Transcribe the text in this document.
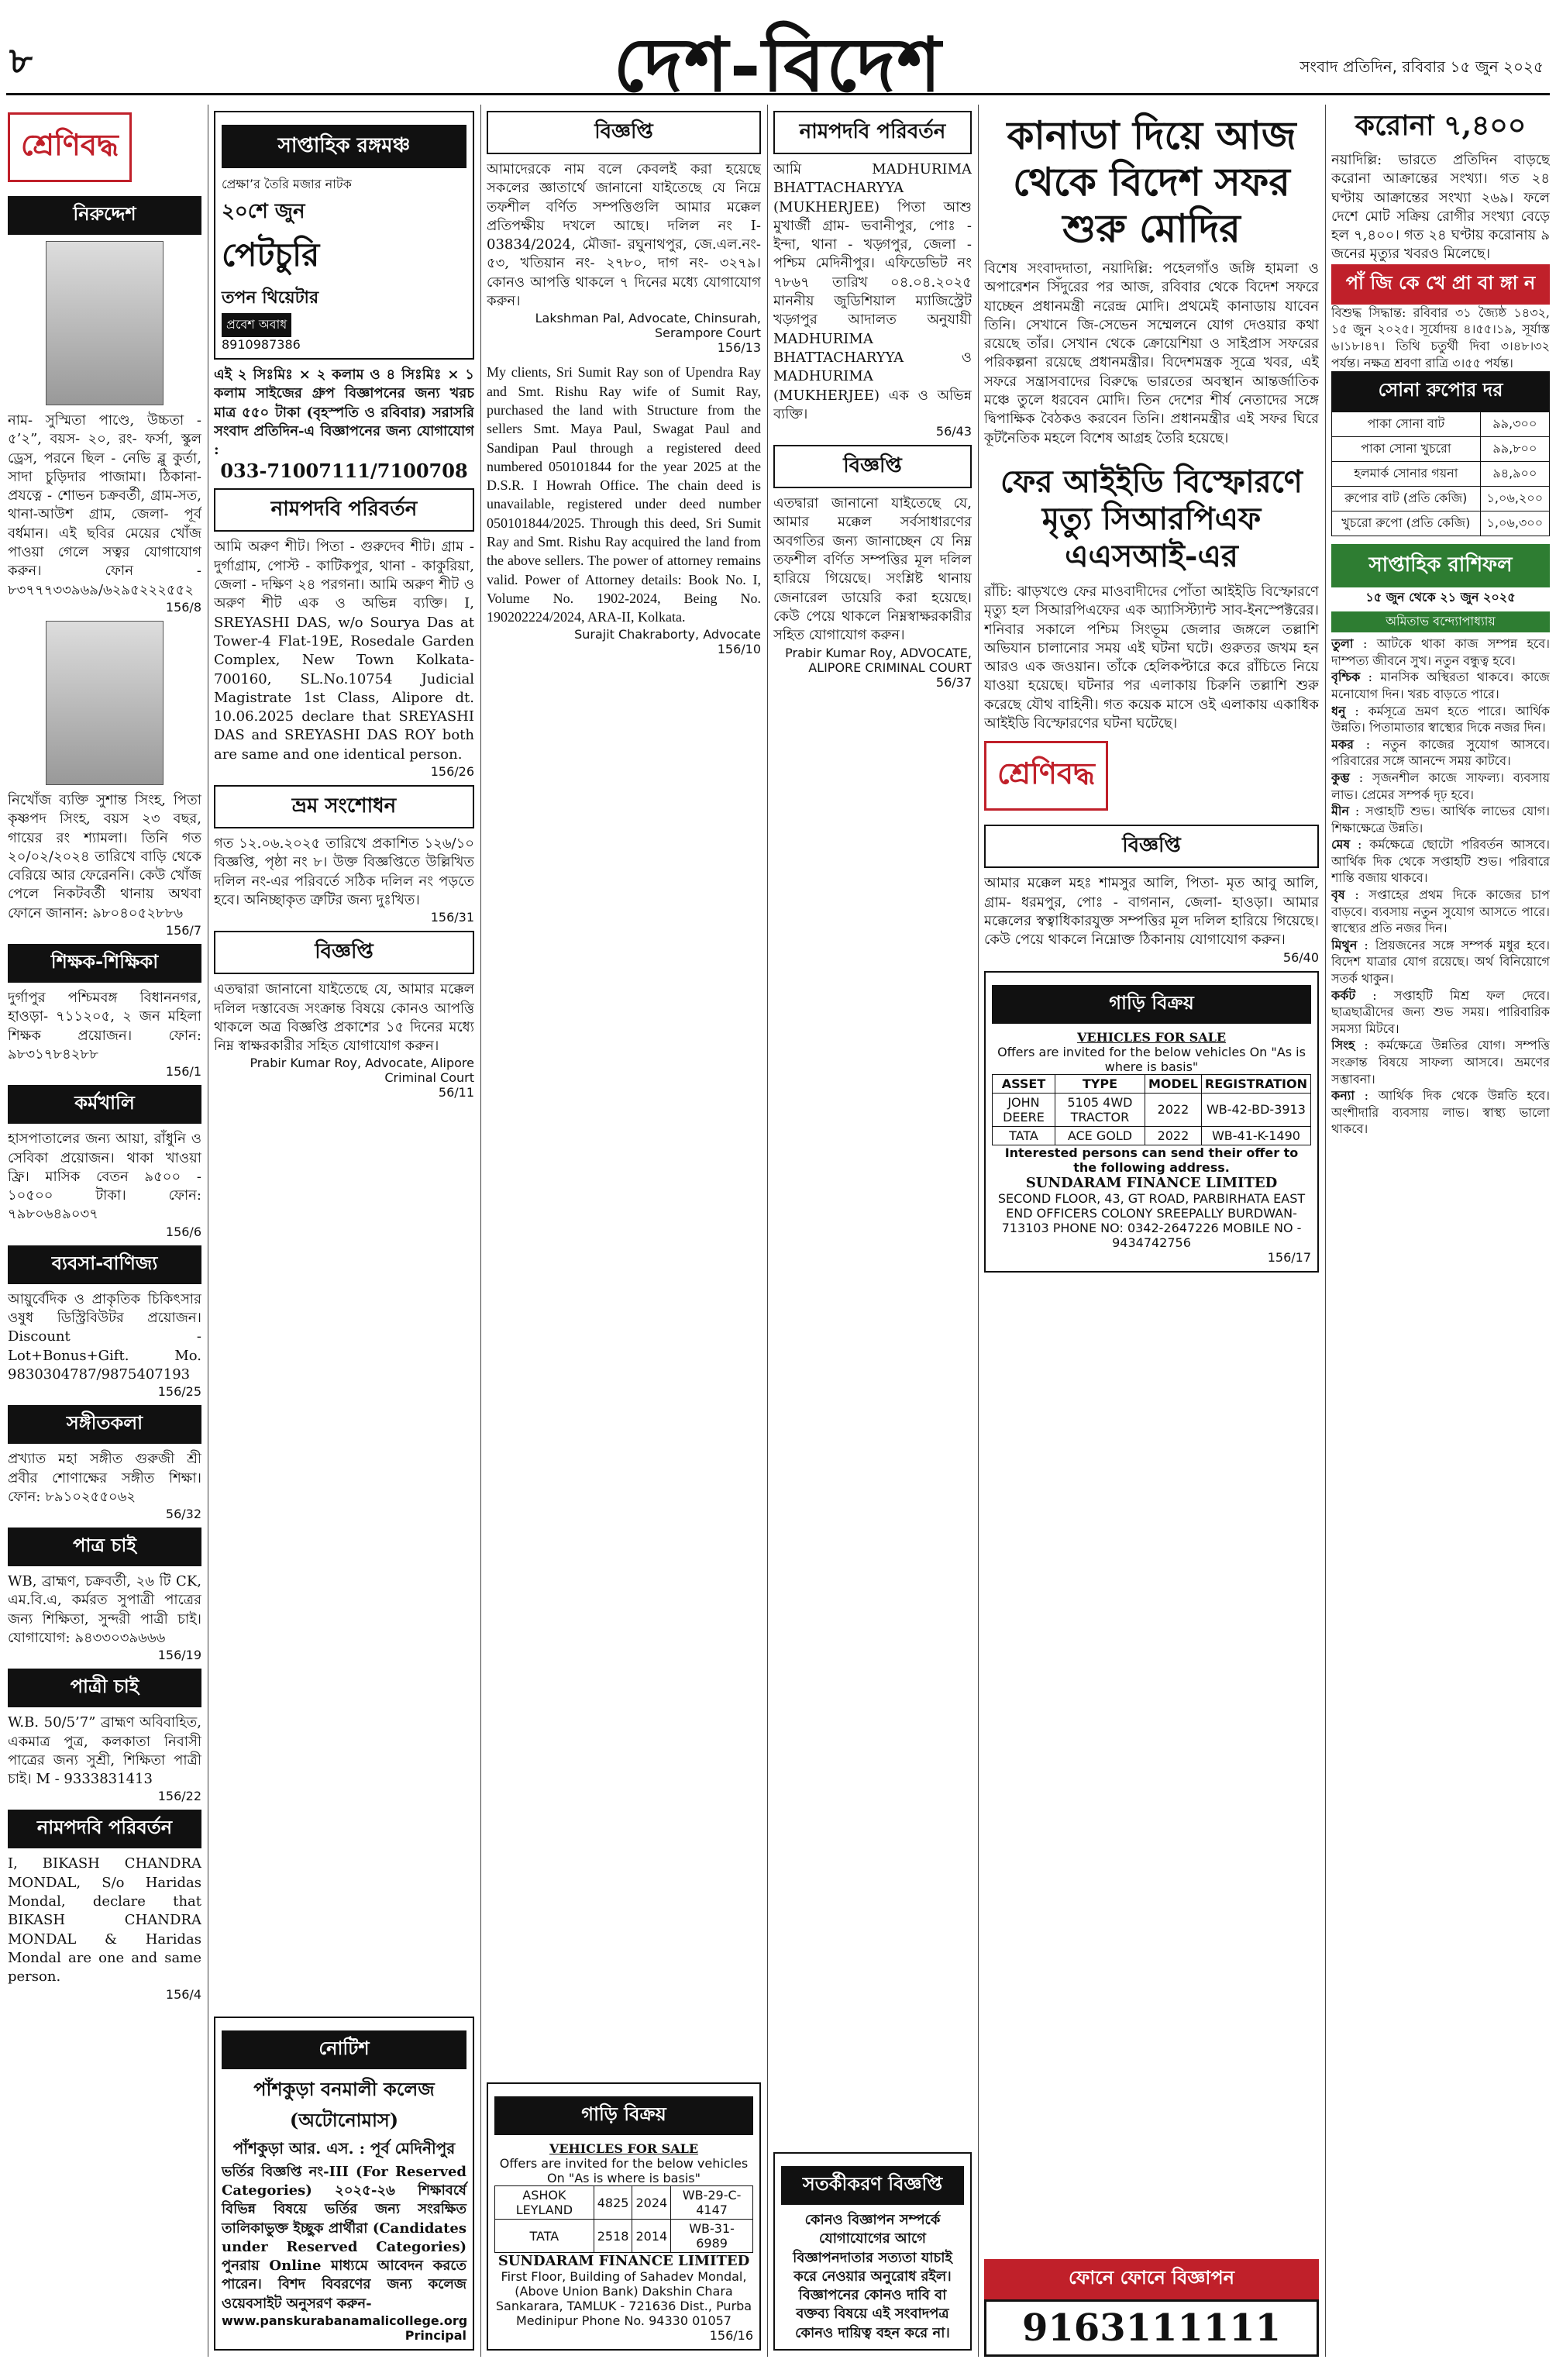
৮	দেশ-বিদেশ	সংবাদ প্রতিদিন, রবিবার ১৫ জুন ২০২৫
শ্রেণিবদ্ধ
নিরুদ্দেশ
নাম- সুস্মিতা পাণ্ডে, উচ্চতা - ৫’২”, বয়স- ২০, রং- ফর্সা, স্কুল ড্রেস, পরনে ছিল - নেভি ব্লু কুর্তা, সাদা চুড়িদার পাজামা। ঠিকানা- প্রযত্নে - শোভন চক্রবর্তী, গ্রাম-সত, থানা-আউশ গ্রাম, জেলা- পূর্ব বর্ধমান। এই ছবির মেয়ের খোঁজ পাওয়া গেলে সত্বর যোগাযোগ করুন। ফোন - ৮৩৭৭৭৩৩৯৬৯/৬২৯৫২২২৫৫২
156/8
নিখোঁজ ব্যক্তি সুশান্ত সিংহ, পিতা কৃষ্ণপদ সিংহ, বয়স ২৩ বছর, গায়ের রং শ্যামলা। তিনি গত ২০/০২/২০২৪ তারিখে বাড়ি থেকে বেরিয়ে আর ফেরেননি। কেউ খোঁজ পেলে নিকটবর্তী থানায় অথবা ফোনে জানান: ৯৮০৪০৫২৮৮৬
156/7
শিক্ষক-শিক্ষিকা
দুর্গাপুর পশ্চিমবঙ্গ বিধাননগর, হাওড়া- ৭১১২০৫, ২ জন মহিলা শিক্ষক প্রয়োজন। ফোন: ৯৮৩১৭৮৪২৮৮
156/1
কর্মখালি
হাসপাতালের জন্য আয়া, রাঁধুনি ও সেবিকা প্রয়োজন। থাকা খাওয়া ফ্রি। মাসিক বেতন ৯৫০০ - ১০৫০০ টাকা। ফোন: ৭৯৮০৬৪৯০৩৭
156/6
ব্যবসা-বাণিজ্য
আয়ুর্বেদিক ও প্রাকৃতিক চিকিৎসার ওষুধ ডিস্ট্রিবিউটর প্রয়োজন। Discount - Lot+Bonus+Gift. Mo. 9830304787/9875407193
156/25
সঙ্গীতকলা
প্রখ্যাত মহা সঙ্গীত গুরুজী শ্রী প্রবীর শোণাক্ষের সঙ্গীত শিক্ষা। ফোন: ৮৯১০২৫৫০৬২
56/32
পাত্র চাই
WB, ব্রাহ্মণ, চক্রবর্তী, ২৬ টি CK, এম.বি.এ, কর্মরত সুপাত্রী পাত্রের জন্য শিক্ষিতা, সুন্দরী পাত্রী চাই। যোগাযোগ: ৯৪৩৩০৩৯৬৬৬
156/19
পাত্রী চাই
W.B. 50/5’7” ব্রাহ্মণ অবিবাহিত, একমাত্র পুত্র, কলকাতা নিবাসী পাত্রের জন্য সুশ্রী, শিক্ষিতা পাত্রী চাই। M - 9333831413
156/22
নামপদবি পরিবর্তন
I, BIKASH CHANDRA MONDAL, S/o Haridas Mondal, declare that BIKASH CHANDRA MONDAL & Haridas Mondal are one and same person.
156/4
সাপ্তাহিক রঙ্গমঞ্চ
প্রেক্ষা’র তৈরি মজার নাটক
২০শে জুন
পেটচুরি
তপন থিয়েটার
প্রবেশ অবাধ
8910987386
এই ২ সিঃমিঃ × ২ কলাম ও ৪ সিঃমিঃ × ১ কলাম সাইজের গ্রুপ বিজ্ঞাপনের জন্য খরচ মাত্র ৫৫০ টাকা (বৃহস্পতি ও রবিবার) সরাসরি সংবাদ প্রতিদিন-এ বিজ্ঞাপনের জন্য যোগাযোগ :
033-71007111/7100708
নামপদবি পরিবর্তন
আমি অরুণ শীট। পিতা - গুরুদেব শীট। গ্রাম - দুর্গাগ্রাম, পোস্ট - কাটিকপুর, থানা - কাকুরিয়া, জেলা - দক্ষিণ ২৪ পরগনা। আমি অরুণ শীট ও অরুণ শীট এক ও অভিন্ন ব্যক্তি। I, SREYASHI DAS, w/o Sourya Das at Tower-4 Flat-19E, Rosedale Garden Complex, New Town Kolkata-700160, SL.No.10754 Judicial Magistrate 1st Class, Alipore dt. 10.06.2025 declare that SREYASHI DAS and SREYASHI DAS ROY both are same and one identical person.
156/26
ভ্রম সংশোধন
গত ১২.০৬.২০২৫ তারিখে প্রকাশিত ১২৬/১০ বিজ্ঞপ্তি, পৃষ্ঠা নং ৮। উক্ত বিজ্ঞপ্তিতে উল্লিখিত দলিল নং-এর পরিবর্তে সঠিক দলিল নং পড়তে হবে। অনিচ্ছাকৃত ত্রুটির জন্য দুঃখিত।
156/31
বিজ্ঞপ্তি
এতদ্বারা জানানো যাইতেছে যে, আমার মক্কেল দলিল দস্তাবেজ সংক্রান্ত বিষয়ে কোনও আপত্তি থাকলে অত্র বিজ্ঞপ্তি প্রকাশের ১৫ দিনের মধ্যে নিম্ন স্বাক্ষরকারীর সহিত যোগাযোগ করুন।
Prabir Kumar Roy, Advocate, Alipore Criminal Court
56/11
নোটিশ
পাঁশকুড়া বনমালী কলেজ (অটোনোমাস)
পাঁশকুড়া আর. এস. : পূর্ব মেদিনীপুর
ভর্তির বিজ্ঞপ্তি নং-III (For Reserved Categories) ২০২৫-২৬ শিক্ষাবর্ষে বিভিন্ন বিষয়ে ভর্তির জন্য সংরক্ষিত তালিকাভুক্ত ইচ্ছুক প্রার্থীরা (Candidates under Reserved Categories) পুনরায় Online মাধ্যমে আবেদন করতে পারেন। বিশদ বিবরণের জন্য কলেজ ওয়েবসাইট অনুসরণ করুন-
www.panskurabanamalicollege.org
Principal
বিজ্ঞপ্তি
আমাদেরকে নাম বলে কেবলই করা হয়েছে সকলের জ্ঞাতার্থে জানানো যাইতেছে যে নিম্নে তফশীল বর্ণিত সম্পত্তিগুলি আমার মক্কেল প্রতিপক্ষীয় দখলে আছে। দলিল নং I-03834/2024, মৌজা- রঘুনাথপুর, জে.এল.নং- ৫৩, খতিয়ান নং- ২৭৮০, দাগ নং- ৩২৭৯। কোনও আপত্তি থাকলে ৭ দিনের মধ্যে যোগাযোগ করুন।
Lakshman Pal, Advocate, Chinsurah, Serampore Court
156/13
My clients, Sri Sumit Ray son of Upendra Ray and Smt. Rishu Ray wife of Sumit Ray, purchased the land with Structure from the sellers Smt. Maya Paul, Swagat Paul and Sandipan Paul through a registered deed numbered 050101844 for the year 2025 at the D.S.R. I Howrah Office. The chain deed is unavailable, registered under deed number 050101844/2025. Through this deed, Sri Sumit Ray and Smt. Rishu Ray acquired the land from the above sellers. The power of attorney remains valid. Power of Attorney details: Book No. I, Volume No. 1902-2024, Being No. 190202224/2024, ARA-II, Kolkata.
Surajit Chakraborty, Advocate
156/10
গাড়ি বিক্রয়
VEHICLES FOR SALE
Offers are invited for the below vehicles On "As is where is basis"
ASHOK LEYLAND	4825	2024	WB-29-C-4147
TATA	2518	2014	WB-31-6989
SUNDARAM FINANCE LIMITED
First Floor, Building of Sahadev Mondal, (Above Union Bank) Dakshin Chara Sankarara, TAMLUK - 721636 Dist., Purba Medinipur Phone No. 94330 01057
156/16
নামপদবি পরিবর্তন
আমি MADHURIMA BHATTACHARYYA (MUKHERJEE) পিতা আশু মুখার্জী গ্রাম- ভবানীপুর, পোঃ - ইন্দা, থানা - খড়্গপুর, জেলা - পশ্চিম মেদিনীপুর। এফিডেভিট নং ৭৮৬৭ তারিখ ০৪.০৪.২০২৫ মাননীয় জুডিশিয়াল ম্যাজিস্ট্রেট খড়্গপুর আদালত অনুযায়ী MADHURIMA BHATTACHARYYA ও MADHURIMA (MUKHERJEE) এক ও অভিন্ন ব্যক্তি।
56/43
বিজ্ঞপ্তি
এতদ্বারা জানানো যাইতেছে যে, আমার মক্কেল সর্বসাধারণের অবগতির জন্য জানাচ্ছেন যে নিম্ন তফশীল বর্ণিত সম্পত্তির মূল দলিল হারিয়ে গিয়েছে। সংশ্লিষ্ট থানায় জেনারেল ডায়েরি করা হয়েছে। কেউ পেয়ে থাকলে নিম্নস্বাক্ষরকারীর সহিত যোগাযোগ করুন।
Prabir Kumar Roy, ADVOCATE, ALIPORE CRIMINAL COURT
56/37
সতর্কীকরণ বিজ্ঞপ্তি
কোনও বিজ্ঞাপন সম্পর্কে যোগাযোগের আগে বিজ্ঞাপনদাতার সত্যতা যাচাই করে নেওয়ার অনুরোধ রইল। বিজ্ঞাপনের কোনও দাবি বা বক্তব্য বিষয়ে এই সংবাদপত্র কোনও দায়িত্ব বহন করে না।
কানাডা দিয়ে আজ থেকে বিদেশ সফর শুরু মোদির
বিশেষ সংবাদদাতা, নয়াদিল্লি: পহেলগাঁও জঙ্গি হামলা ও অপারেশন সিঁদুরের পর আজ, রবিবার থেকে বিদেশ সফরে যাচ্ছেন প্রধানমন্ত্রী নরেন্দ্র মোদি। প্রথমেই কানাডায় যাবেন তিনি। সেখানে জি-সেভেন সম্মেলনে যোগ দেওয়ার কথা রয়েছে তাঁর। সেখান থেকে ক্রোয়েশিয়া ও সাইপ্রাস সফরের পরিকল্পনা রয়েছে প্রধানমন্ত্রীর। বিদেশমন্ত্রক সূত্রে খবর, এই সফরে সন্ত্রাসবাদের বিরুদ্ধে ভারতের অবস্থান আন্তর্জাতিক মঞ্চে তুলে ধরবেন মোদি। তিন দেশের শীর্ষ নেতাদের সঙ্গে দ্বিপাক্ষিক বৈঠকও করবেন তিনি। প্রধানমন্ত্রীর এই সফর ঘিরে কূটনৈতিক মহলে বিশেষ আগ্রহ তৈরি হয়েছে।
ফের আইইডি বিস্ফোরণে মৃত্যু সিআরপিএফ এএসআই-এর
রাঁচি: ঝাড়খণ্ডে ফের মাওবাদীদের পোঁতা আইইডি বিস্ফোরণে মৃত্যু হল সিআরপিএফের এক অ্যাসিস্ট্যান্ট সাব-ইনস্পেক্টরের। শনিবার সকালে পশ্চিম সিংভূম জেলার জঙ্গলে তল্লাশি অভিযান চালানোর সময় এই ঘটনা ঘটে। গুরুতর জখম হন আরও এক জওয়ান। তাঁকে হেলিকপ্টারে করে রাঁচিতে নিয়ে যাওয়া হয়েছে। ঘটনার পর এলাকায় চিরুনি তল্লাশি শুরু করেছে যৌথ বাহিনী। গত কয়েক মাসে ওই এলাকায় একাধিক আইইডি বিস্ফোরণের ঘটনা ঘটেছে।
শ্রেণিবদ্ধ
বিজ্ঞপ্তি
আমার মক্কেল মহঃ শামসুর আলি, পিতা- মৃত আবু আলি, গ্রাম- ধরমপুর, পোঃ - বাগনান, জেলা- হাওড়া। আমার মক্কেলের স্বত্বাধিকারযুক্ত সম্পত্তির মূল দলিল হারিয়ে গিয়েছে। কেউ পেয়ে থাকলে নিম্নোক্ত ঠিকানায় যোগাযোগ করুন।
56/40
গাড়ি বিক্রয়
VEHICLES FOR SALE
Offers are invited for the below vehicles On "As is where is basis"
ASSET	TYPE	MODEL	REGISTRATION
JOHN DEERE	5105 4WD TRACTOR	2022	WB-42-BD-3913
TATA	ACE GOLD	2022	WB-41-K-1490
Interested persons can send their offer to the following address.
SUNDARAM FINANCE LIMITED
SECOND FLOOR, 43, GT ROAD, PARBIRHATA EAST END OFFICERS COLONY SREEPALLY BURDWAN-713103 PHONE NO: 0342-2647226 MOBILE NO - 9434742756
156/17
ফোনে ফোনে বিজ্ঞাপন
9163111111
করোনা ৭,৪০০
নয়াদিল্লি: ভারতে প্রতিদিন বাড়ছে করোনা আক্রান্তের সংখ্যা। গত ২৪ ঘণ্টায় আক্রান্তের সংখ্যা ২৬৯। ফলে দেশে মোট সক্রিয় রোগীর সংখ্যা বেড়ে হল ৭,৪০০। গত ২৪ ঘণ্টায় করোনায় ৯ জনের মৃত্যুর খবরও মিলেছে।
পাঁ জি কে খে প্রা বা ঙ্গা ন
বিশুদ্ধ সিদ্ধান্ত: রবিবার ৩১ জ্যৈষ্ঠ ১৪৩২, ১৫ জুন ২০২৫। সূর্যোদয় ৪।৫৫।১৯, সূর্যাস্ত ৬।১৮।৪৭। তিথি চতুর্থী দিবা ৩।৪৮।৩২ পর্যন্ত। নক্ষত্র শ্রবণা রাত্রি ৩।৫৫ পর্যন্ত।
সোনা রুপোর দর
পাকা সোনা বাট	৯৯,৩০০
পাকা সোনা খুচরো	৯৯,৮০০
হলমার্ক সোনার গয়না	৯৪,৯০০
রুপোর বাট (প্রতি কেজি)	১,০৬,২০০
খুচরো রুপো (প্রতি কেজি)	১,০৬,৩০০
সাপ্তাহিক রাশিফল
১৫ জুন থেকে ২১ জুন ২০২৫
অমিতাভ বন্দ্যোপাধ্যায়
তুলা : আটকে থাকা কাজ সম্পন্ন হবে। দাম্পত্য জীবনে সুখ। নতুন বন্ধুত্ব হবে।
বৃশ্চিক : মানসিক অস্থিরতা থাকবে। কাজে মনোযোগ দিন। খরচ বাড়তে পারে।
ধনু : কর্মসূত্রে ভ্রমণ হতে পারে। আর্থিক উন্নতি। পিতামাতার স্বাস্থ্যের দিকে নজর দিন।
মকর : নতুন কাজের সুযোগ আসবে। পরিবারের সঙ্গে আনন্দে সময় কাটবে।
কুম্ভ : সৃজনশীল কাজে সাফল্য। ব্যবসায় লাভ। প্রেমের সম্পর্ক দৃঢ় হবে।
মীন : সপ্তাহটি শুভ। আর্থিক লাভের যোগ। শিক্ষাক্ষেত্রে উন্নতি।
মেষ : কর্মক্ষেত্রে ছোটো পরিবর্তন আসবে। আর্থিক দিক থেকে সপ্তাহটি শুভ। পরিবারে শান্তি বজায় থাকবে।
বৃষ : সপ্তাহের প্রথম দিকে কাজের চাপ বাড়বে। ব্যবসায় নতুন সুযোগ আসতে পারে। স্বাস্থ্যের প্রতি নজর দিন।
মিথুন : প্রিয়জনের সঙ্গে সম্পর্ক মধুর হবে। বিদেশ যাত্রার যোগ রয়েছে। অর্থ বিনিয়োগে সতর্ক থাকুন।
কর্কট : সপ্তাহটি মিশ্র ফল দেবে। ছাত্রছাত্রীদের জন্য শুভ সময়। পারিবারিক সমস্যা মিটবে।
সিংহ : কর্মক্ষেত্রে উন্নতির যোগ। সম্পত্তি সংক্রান্ত বিষয়ে সাফল্য আসবে। ভ্রমণের সম্ভাবনা।
কন্যা : আর্থিক দিক থেকে উন্নতি হবে। অংশীদারি ব্যবসায় লাভ। স্বাস্থ্য ভালো থাকবে।
